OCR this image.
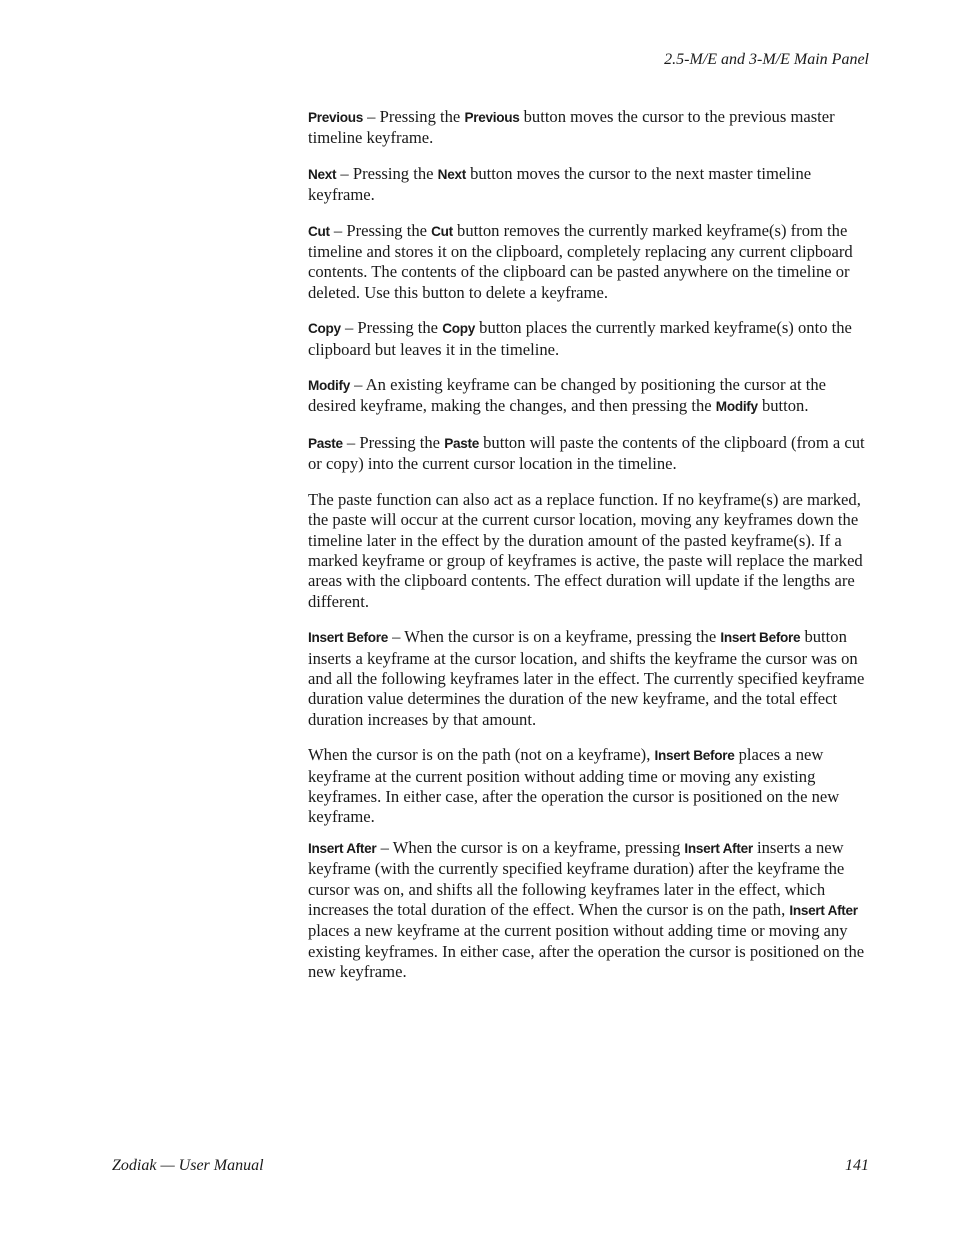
2.5-M/E and 3-M/E Main Panel

Previous – Pressing the Previous button moves the cursor to the previous master timeline keyframe.

Next – Pressing the Next button moves the cursor to the next master timeline keyframe.

Cut – Pressing the Cut button removes the currently marked keyframe(s) from the timeline and stores it on the clipboard, completely replacing any current clipboard contents. The contents of the clipboard can be pasted anywhere on the timeline or deleted. Use this button to delete a keyframe.

Copy – Pressing the Copy button places the currently marked keyframe(s) onto the clipboard but leaves it in the timeline.

Modify – An existing keyframe can be changed by positioning the cursor at the desired keyframe, making the changes, and then pressing the Modify button.

Paste – Pressing the Paste button will paste the contents of the clipboard (from a cut or copy) into the current cursor location in the timeline.

The paste function can also act as a replace function. If no keyframe(s) are marked, the paste will occur at the current cursor location, moving any keyframes down the timeline later in the effect by the duration amount of the pasted keyframe(s). If a marked keyframe or group of keyframes is active, the paste will replace the marked areas with the clipboard contents. The effect duration will update if the lengths are different.

Insert Before – When the cursor is on a keyframe, pressing the Insert Before button inserts a keyframe at the cursor location, and shifts the keyframe the cursor was on and all the following keyframes later in the effect. The currently specified keyframe duration value determines the duration of the new keyframe, and the total effect duration increases by that amount.

When the cursor is on the path (not on a keyframe), Insert Before places a new keyframe at the current position without adding time or moving any existing keyframes. In either case, after the operation the cursor is positioned on the new keyframe.

Insert After – When the cursor is on a keyframe, pressing Insert After inserts a new keyframe (with the currently specified keyframe duration) after the keyframe the cursor was on, and shifts all the following keyframes later in the effect, which increases the total duration of the effect. When the cursor is on the path, Insert After places a new keyframe at the current position without adding time or moving any existing keyframes. In either case, after the operation the cursor is positioned on the new keyframe.

Zodiak — User Manual	141
